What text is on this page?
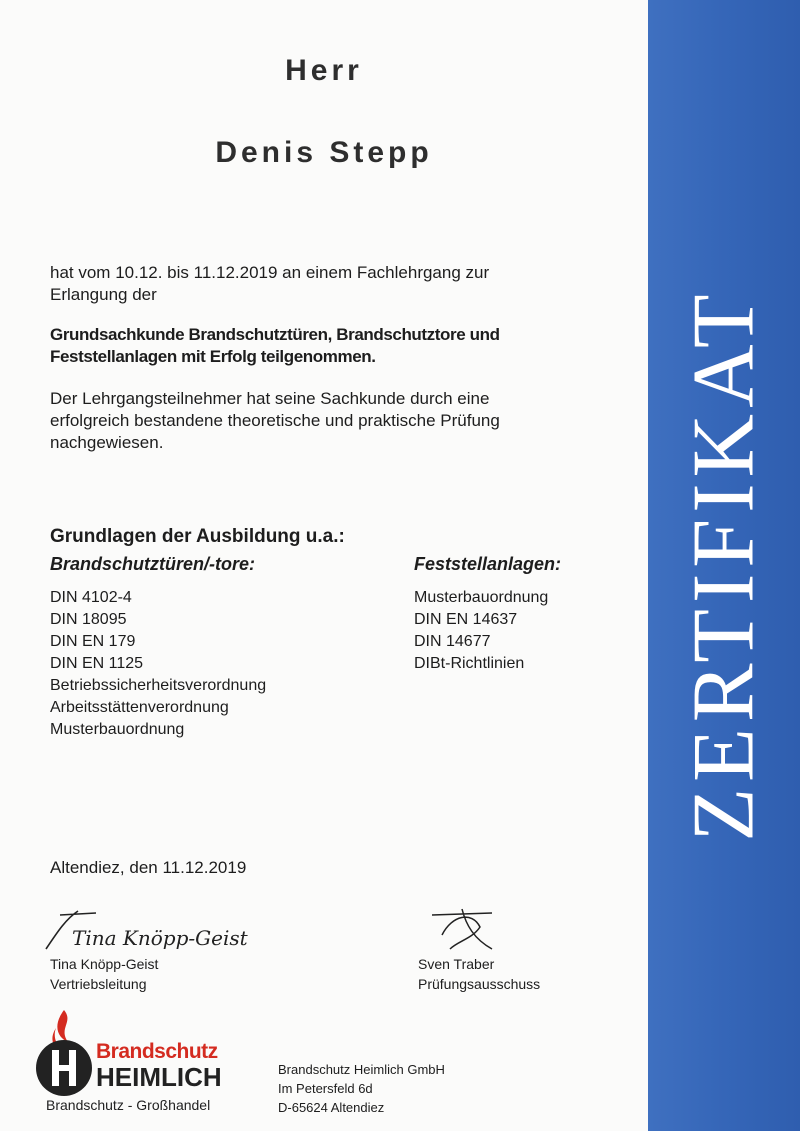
ZERTIFIKAT
Herr
Denis Stepp
hat vom 10.12. bis 11.12.2019 an einem Fachlehrgang zur
Erlangung der
Grundsachkunde Brandschutztüren, Brandschutztore und
Feststellanlagen mit Erfolg teilgenommen.
Der Lehrgangsteilnehmer hat seine Sachkunde durch eine
erfolgreich bestandene theoretische und praktische Prüfung
nachgewiesen.
Grundlagen der Ausbildung u.a.:
Brandschutztüren/-tore:	Feststellanlagen:
DIN 4102-4
DIN 18095
DIN EN 179
DIN EN 1125
Betriebssicherheitsverordnung
Arbeitsstättenverordnung
Musterbauordnung
Musterbauordnung
DIN EN 14637
DIN 14677
DIBt-Richtlinien
Altendiez, den 11.12.2019
Tina Knöpp-Geist
Tina Knöpp-Geist
Vertriebsleitung
Sven Traber
Prüfungsausschuss
Brandschutz
HEIMLICH
Brandschutz - Großhandel
Brandschutz Heimlich GmbH
Im Petersfeld 6d
D-65624 Altendiez
